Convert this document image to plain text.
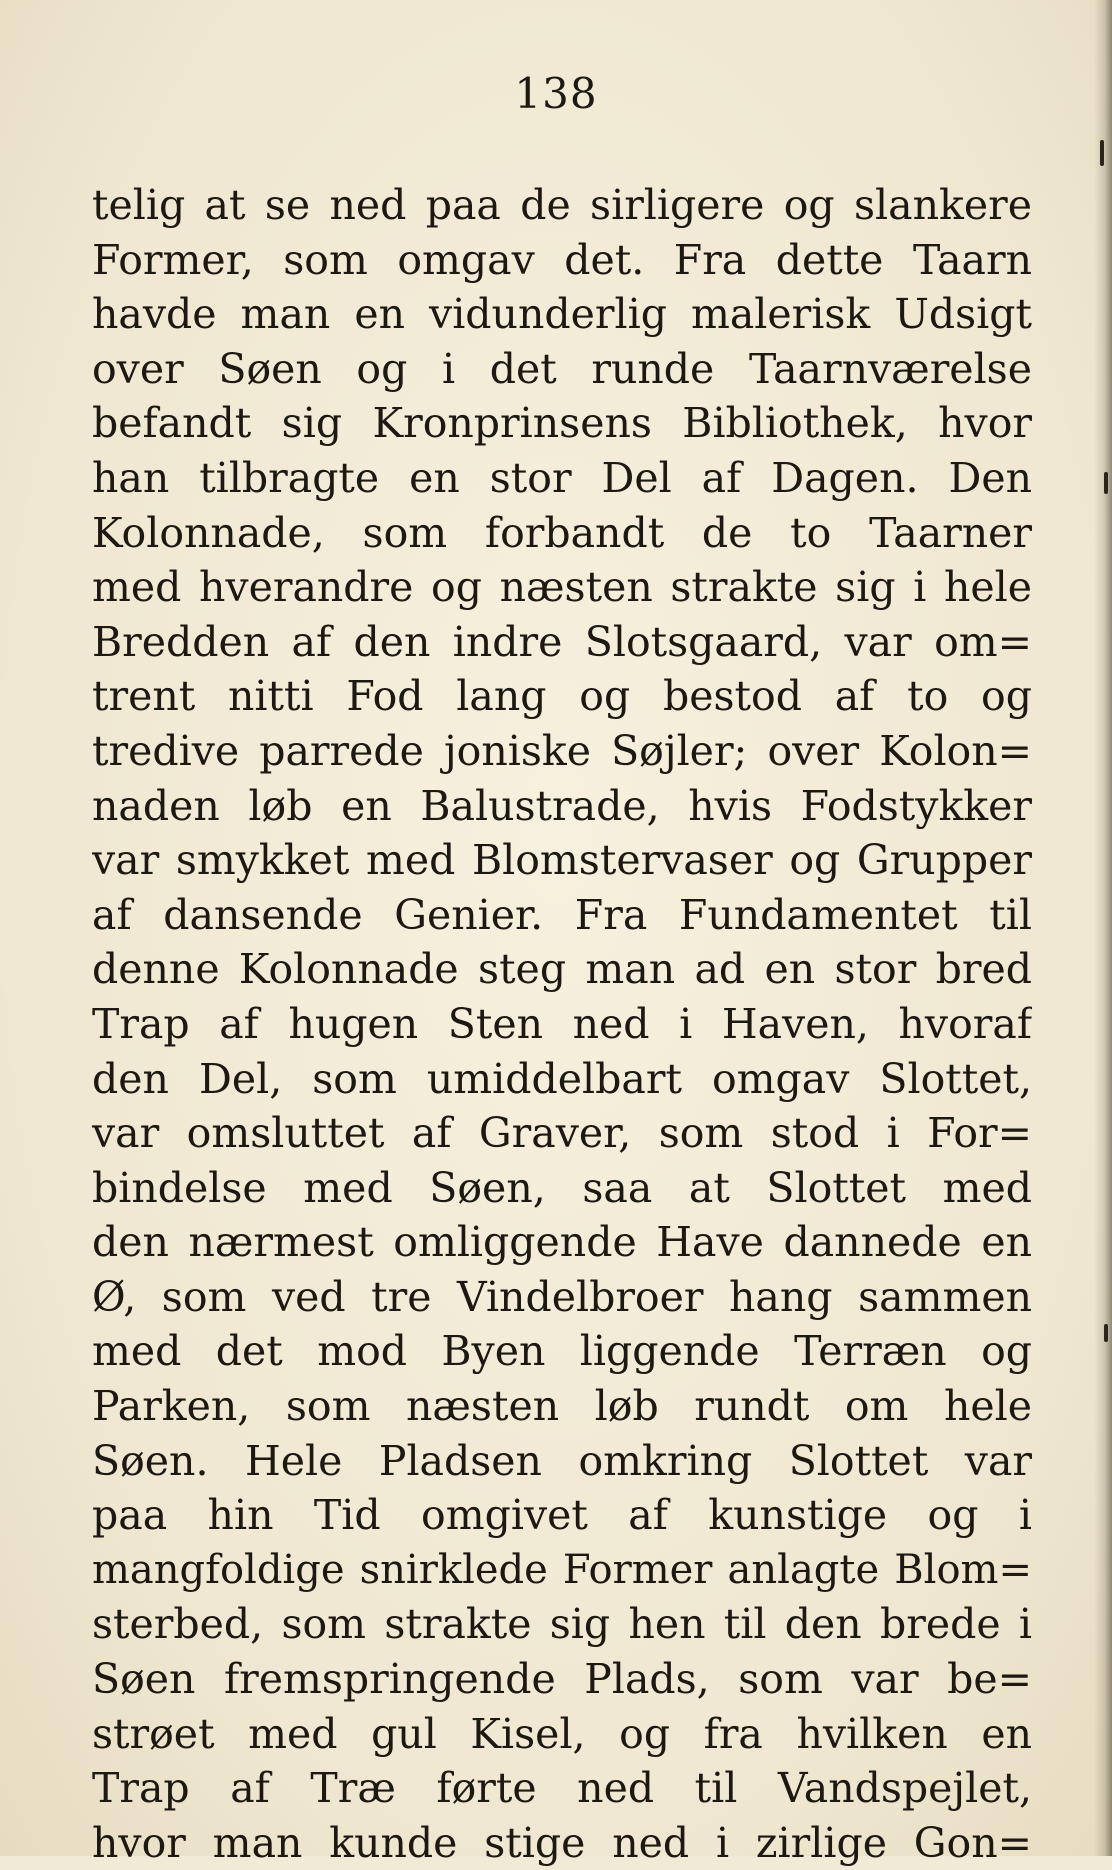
138
telig at se ned paa de sirligere og slankere
Former, som omgav det. Fra dette Taarn
havde man en vidunderlig malerisk Udsigt
over Søen og i det runde Taarnværelse
befandt sig Kronprinsens Bibliothek, hvor
han tilbragte en stor Del af Dagen. Den
Kolonnade, som forbandt de to Taarner
med hverandre og næsten strakte sig i hele
Bredden af den indre Slotsgaard, var om=
trent nitti Fod lang og bestod af to og
tredive parrede joniske Søjler; over Kolon=
naden løb en Balustrade, hvis Fodstykker
var smykket med Blomstervaser og Grupper
af dansende Genier. Fra Fundamentet til
denne Kolonnade steg man ad en stor bred
Trap af hugen Sten ned i Haven, hvoraf
den Del, som umiddelbart omgav Slottet,
var omsluttet af Graver, som stod i For=
bindelse med Søen, saa at Slottet med
den nærmest omliggende Have dannede en
Ø, som ved tre Vindelbroer hang sammen
med det mod Byen liggende Terræn og
Parken, som næsten løb rundt om hele
Søen. Hele Pladsen omkring Slottet var
paa hin Tid omgivet af kunstige og i
mangfoldige snirklede Former anlagte Blom=
sterbed, som strakte sig hen til den brede i
Søen fremspringende Plads, som var be=
strøet med gul Kisel, og fra hvilken en
Trap af Træ førte ned til Vandspejlet,
hvor man kunde stige ned i zirlige Gon=
